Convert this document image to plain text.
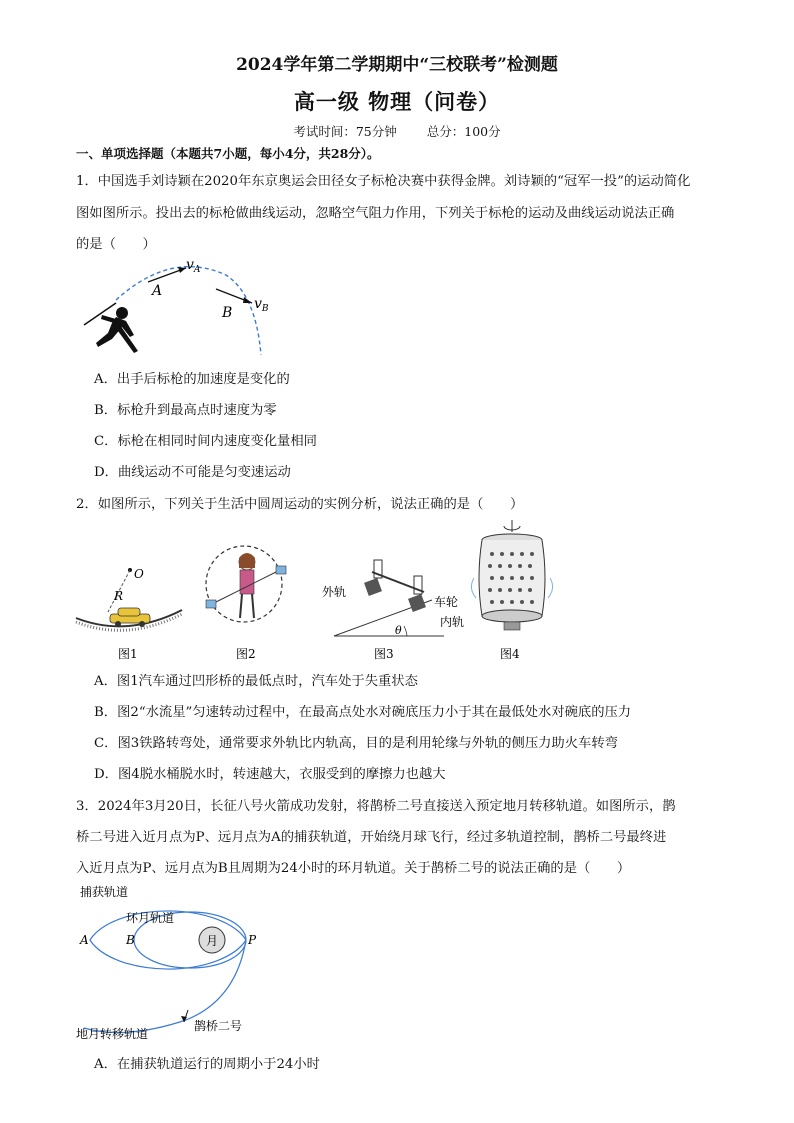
2024学年第二学期期中“三校联考”检测题
高一级 物理（问卷）
考试时间：75分钟 总分：100分
一、单项选择题（本题共7小题，每小4分，共28分）。
1．中国选手刘诗颖在2020年东京奥运会田径女子标枪决赛中获得金牌。刘诗颖的“冠军一投”的运动简化
图如图所示。投出去的标枪做曲线运动，忽略空气阻力作用，下列关于标枪的运动及曲线运动说法正确
的是（　　）
A
B
$v_A$
$v_B$
A．出手后标枪的加速度是变化的
B．标枪升到最高点时速度为零
C．标枪在相同时间内速度变化量相同
D．曲线运动不可能是匀变速运动
2．如图所示，下列关于生活中圆周运动的实例分析，说法正确的是（　　）
O
R
图1	图2
外轨
车轮
内轨
θ
图3	图4
A．图1汽车通过凹形桥的最低点时，汽车处于失重状态
B．图2“水流星”匀速转动过程中，在最高点处水对碗底压力小于其在最低处水对碗底的压力
C．图3铁路转弯处，通常要求外轨比内轨高，目的是利用轮缘与外轨的侧压力助火车转弯
D．图4脱水桶脱水时，转速越大，衣服受到的摩擦力也越大
3．2024年3月20日，长征八号火箭成功发射，将鹊桥二号直接送入预定地月转移轨道。如图所示，鹊
桥二号进入近月点为P、远月点为A的捕获轨道，开始绕月球飞行，经过多轨道控制，鹊桥二号最终进
入近月点为P、远月点为B且周期为24小时的环月轨道。关于鹊桥二号的说法正确的是（　　）
月
捕获轨道
环月轨道
A	B	P
鹊桥二号
地月转移轨道
A．在捕获轨道运行的周期小于24小时
